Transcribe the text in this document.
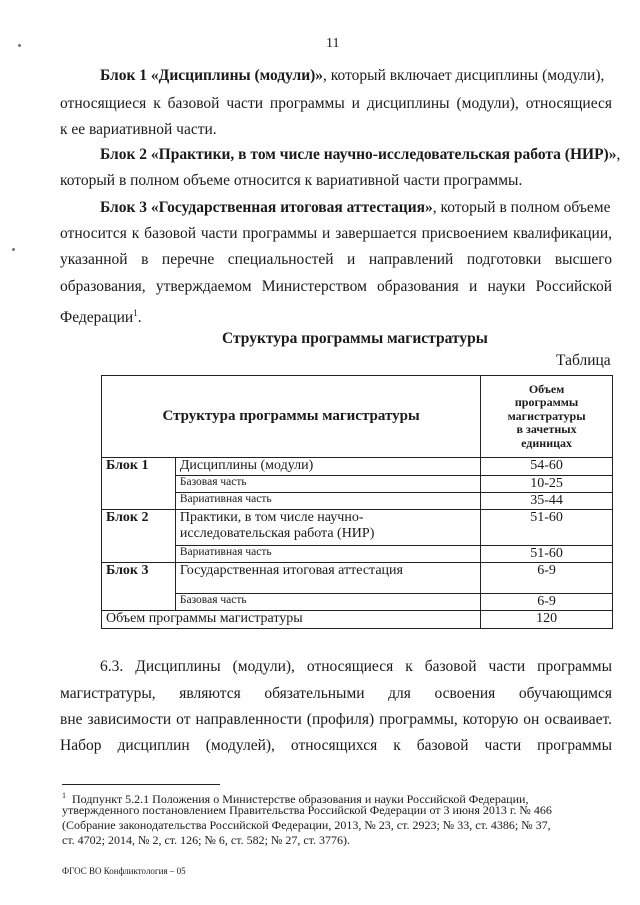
11
Блок 1 «Дисциплины (модули)», который включает дисциплины (модули),
относящиеся к базовой части программы и дисциплины (модули), относящиеся
к ее вариативной части.
Блок 2 «Практики, в том числе научно-исследовательская работа (НИР)»,
который в полном объеме относится к вариативной части программы.
Блок 3 «Государственная итоговая аттестация», который в полном объеме
относится к базовой части программы и завершается присвоением квалификации,
указанной в перечне специальностей и направлений подготовки высшего
образования, утверждаемом Министерством образования и науки Российской
Федерации$^1$.
Структура программы магистратуры
Таблица
Структура программы магистратуры		Объем
программы
магистратуры
в зачетных
единицах

Блок 1	Дисциплины (модули)	54-60
	Базовая часть	10-25
	Вариативная часть	35-44
Блок 2	Практики, в том числе научно-
исследовательская работа (НИР)	51-60
	Вариативная часть	51-60
Блок 3	Государственная итоговая аттестация	6-9
	Базовая часть	6-9
Объем программы магистратуры		120
6.3. Дисциплины (модули), относящиеся к базовой части программы
магистратуры, являются обязательными для освоения обучающимся
вне зависимости от направленности (профиля) программы, которую он осваивает.
Набор дисциплин (модулей), относящихся к базовой части программы
$^1$ Подпункт 5.2.1 Положения о Министерстве образования и науки Российской Федерации,
утвержденного постановлением Правительства Российской Федерации от 3 июня 2013 г. № 466
(Собрание законодательства Российской Федерации, 2013, № 23, ст. 2923; № 33, ст. 4386; № 37,
ст. 4702; 2014, № 2, ст. 126; № 6, ст. 582; № 27, ст. 3776).
ФГОС ВО Конфликтология – 05
